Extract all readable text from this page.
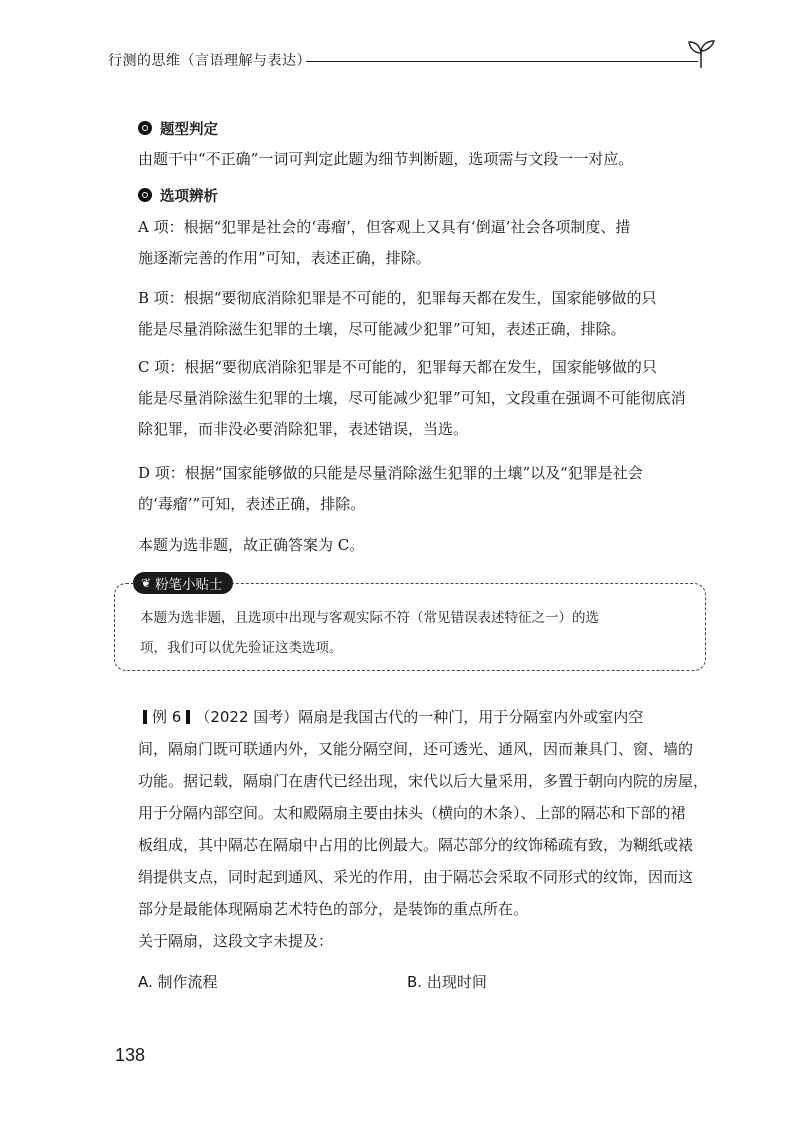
行测的思维（言语理解与表达）
题型判定
由题干中“不正确”一词可判定此题为细节判断题，选项需与文段一一对应。
选项辨析
A 项：根据“犯罪是社会的‘毒瘤’，但客观上又具有‘倒逼’社会各项制度、措
施逐渐完善的作用”可知，表述正确，排除。
B 项：根据“要彻底消除犯罪是不可能的，犯罪每天都在发生，国家能够做的只
能是尽量消除滋生犯罪的土壤，尽可能减少犯罪”可知，表述正确，排除。
C 项：根据“要彻底消除犯罪是不可能的，犯罪每天都在发生，国家能够做的只
能是尽量消除滋生犯罪的土壤，尽可能减少犯罪”可知，文段重在强调不可能彻底消
除犯罪，而非没必要消除犯罪，表述错误，当选。
D 项：根据“国家能够做的只能是尽量消除滋生犯罪的土壤”以及“犯罪是社会
的‘毒瘤’”可知，表述正确，排除。
本题为选非题，故正确答案为 C。
❦ 粉笔小贴士
本题为选非题，且选项中出现与客观实际不符（常见错误表述特征之一）的选
项，我们可以优先验证这类选项。
例 6 （2022 国考）隔扇是我国古代的一种门，用于分隔室内外或室内空
间，隔扇门既可联通内外，又能分隔空间，还可透光、通风，因而兼具门、窗、墙的
功能。据记载，隔扇门在唐代已经出现，宋代以后大量采用，多置于朝向内院的房屋，
用于分隔内部空间。太和殿隔扇主要由抹头（横向的木条）、上部的隔芯和下部的裙
板组成，其中隔芯在隔扇中占用的比例最大。隔芯部分的纹饰稀疏有致，为糊纸或裱
绢提供支点，同时起到通风、采光的作用，由于隔芯会采取不同形式的纹饰，因而这
部分是最能体现隔扇艺术特色的部分，是装饰的重点所在。
关于隔扇，这段文字未提及：
A. 制作流程	B. 出现时间
138
